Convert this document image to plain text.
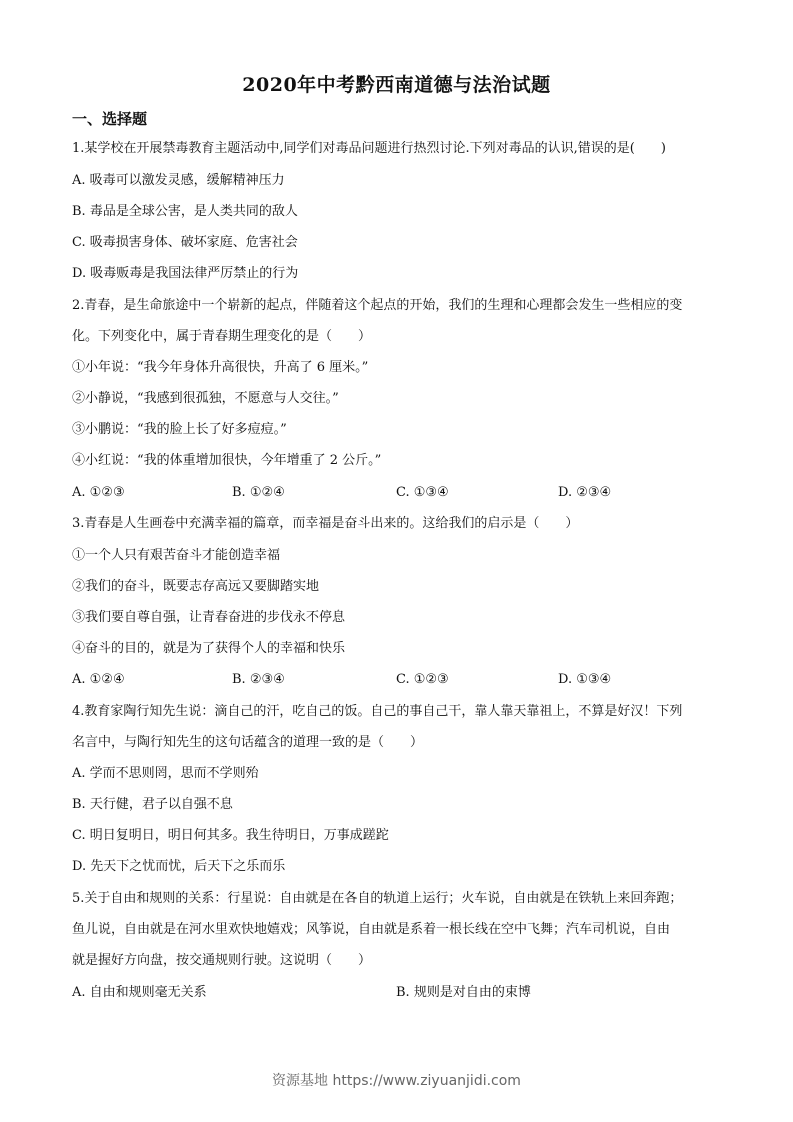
2020年中考黔西南道德与法治试题
一、选择题
1.某学校在开展禁毒教育主题活动中,同学们对毒品问题进行热烈讨论.下列对毒品的认识,错误的是(　　)
A. 吸毒可以激发灵感，缓解精神压力
B. 毒品是全球公害，是人类共同的敌人
C. 吸毒损害身体、破坏家庭、危害社会
D. 吸毒贩毒是我国法律严厉禁止的行为
2.青春，是生命旅途中一个崭新的起点，伴随着这个起点的开始，我们的生理和心理都会发生一些相应的变
化。下列变化中，属于青春期生理变化的是（　　）
①小年说：“我今年身体升高很快，升高了 6 厘米。”
②小静说，“我感到很孤独，不愿意与人交往。”
③小鹏说：“我的脸上长了好多痘痘。”
④小红说：“我的体重增加很快，今年增重了 2 公斤。”
A. ①②③	B. ①②④	C. ①③④	D. ②③④
3.青春是人生画卷中充满幸福的篇章，而幸福是奋斗出来的。这给我们的启示是（　　）
①一个人只有艰苦奋斗才能创造幸福
②我们的奋斗，既要志存高远又要脚踏实地
③我们要自尊自强，让青春奋进的步伐永不停息
④奋斗的目的，就是为了获得个人的幸福和快乐
A. ①②④	B. ②③④	C. ①②③	D. ①③④
4.教育家陶行知先生说：滴自己的汗，吃自己的饭。自己的事自己干，靠人靠天靠祖上，不算是好汉！下列
名言中，与陶行知先生的这句话蕴含的道理一致的是（　　）
A. 学而不思则罔，思而不学则殆
B. 天行健，君子以自强不息
C. 明日复明日，明日何其多。我生待明日，万事成蹉跎
D. 先天下之忧而忧，后天下之乐而乐
5.关于自由和规则的关系：行星说：自由就是在各自的轨道上运行；火车说，自由就是在铁轨上来回奔跑；
鱼儿说，自由就是在河水里欢快地嬉戏；风筝说，自由就是系着一根长线在空中飞舞；汽车司机说，自由
就是握好方向盘，按交通规则行驶。这说明（　　）
A. 自由和规则毫无关系	B. 规则是对自由的束博
资源基地 https://www.ziyuanjidi.com
